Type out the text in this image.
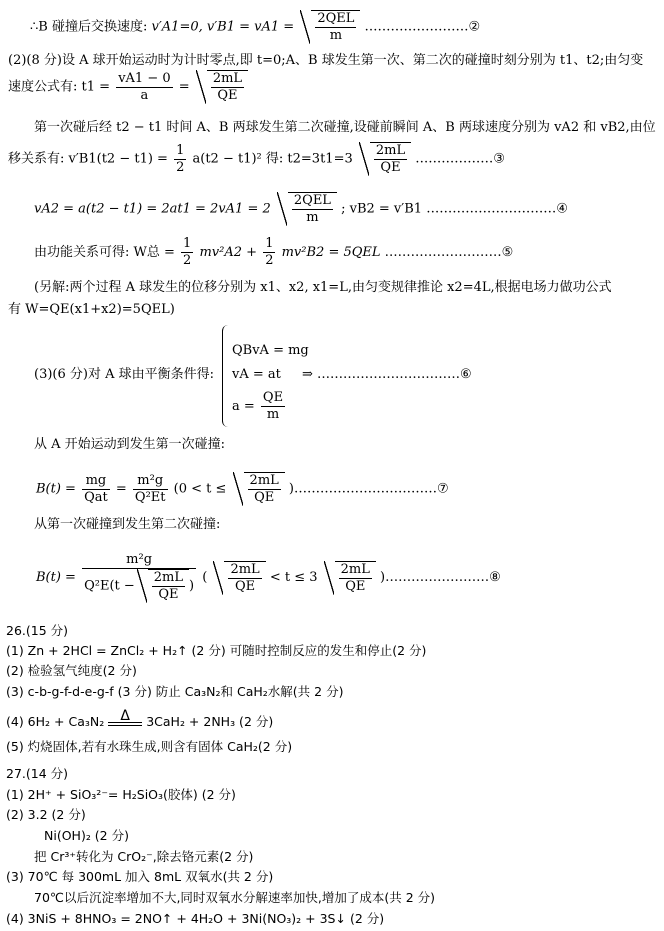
∴B 碰撞后交换速度: v′A1=0, $v'B1 = vA1 = \frac{\text{2QEL}}{m}$ ……………………②
(2)(8 分)设 A 球开始运动时为计时零点,即 t=0;A、B 球发生第一次、第二次的碰撞时刻分别为 t1、t2;由匀变
速度公式有: $t1 = \frac{vA1 - 0}{a} = \frac{2mL}{QE}$
第一次碰后经 t2 − t1 时间 A、B 两球发生第二次碰撞,设碰前瞬间 A、B 两球速度分别为 vA2 和 vB2,由位
移关系有: $v'B1(t2 - t1) = \frac{1}{2} a(t2 - t1)^2$ 得: $t2=3t1=3 \frac{2mL}{QE}$ ………………③
$vA2 = a(t2 - t1) = 2at1 = 2vA1 = 2 \frac{\text{2QEL}}{m}$ ; vB2 = v′B1 …………………………④
由功能关系可得: W总 = $\frac{1}{2} mv^2A2 + \frac{1}{2} mv^2B2 = 5QEL$ ………………………⑤
(另解:两个过程 A 球发生的位移分别为 x1、x2, x1=L,由匀变规律推论 x2=4L,根据电场力做功公式
有 W=QE(x1+x2)=5QEL)
(3)(6 分)对 A 球由平衡条件得:
QBvA = mg
vA = at
$a = \frac{QE}{m}$
⇒ ……………………………⑥
从 A 开始运动到发生第一次碰撞:
$B(t) = \frac{mg}{\text{Qat}} = \frac{\text{m²g}}{\text{Q²Et}} (0 < t \le \frac{2mL}{QE}$ )……………………………⑦
从第一次碰撞到发生第二次碰撞:
$B(t) = \frac{\text{m²g}}{Q^2E(t - \frac{2mL}{QE} )}$ ( $\frac{2mL}{QE} < t \le 3 \frac{2mL}{QE}$ )……………………⑧
26.(15 分)
(1) Zn + 2HCl = ZnCl₂ + H₂↑ (2 分) 可随时控制反应的发生和停止(2 分)
(2) 检验氢气纯度(2 分)
(3) c-b-g-f-d-e-g-f (3 分) 防止 Ca₃N₂和 CaH₂水解(共 2 分)
(4) 6H₂ + Ca₃N₂	Δ	3CaH₂ + 2NH₃ (2 分)
(5) 灼烧固体,若有水珠生成,则含有固体 CaH₂(2 分)
27.(14 分)
(1) 2H⁺ + SiO₃²⁻= H₂SiO₃(胶体) (2 分)
(2) 3.2 (2 分)
Ni(OH)₂ (2 分)
把 Cr³⁺转化为 CrO₂⁻,除去铬元素(2 分)
(3) 70℃ 每 300mL 加入 8mL 双氧水(共 2 分)
70℃以后沉淀率增加不大,同时双氧水分解速率加快,增加了成本(共 2 分)
(4) 3NiS + 8HNO₃ = 2NO↑ + 4H₂O + 3Ni(NO₃)₂ + 3S↓ (2 分)
